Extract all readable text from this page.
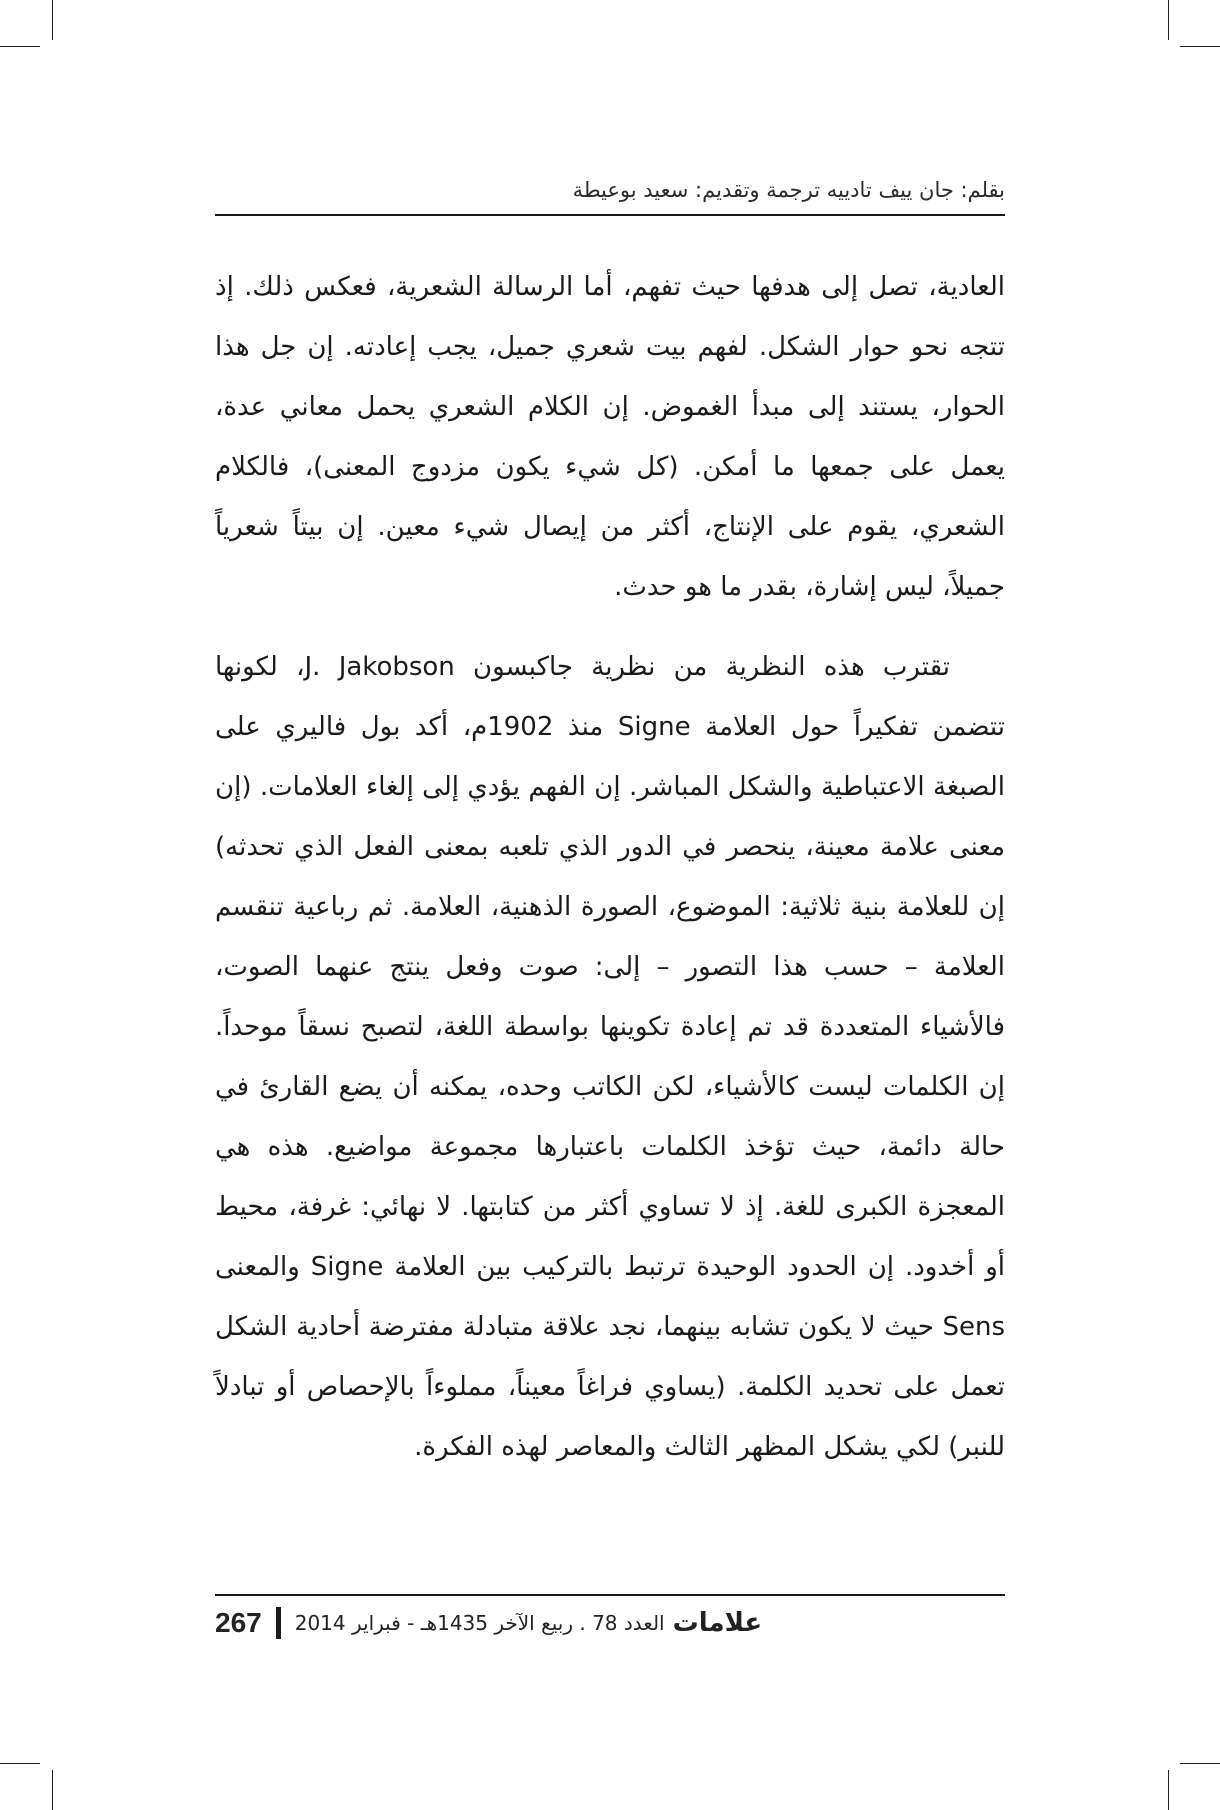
بقلم: جان ييف تادييه ترجمة وتقديم: سعيد بوعيطة

العادية، تصل إلى هدفها حيث تفهم، أما الرسالة الشعرية، فعكس ذلك. إذ تتجه نحو حوار الشكل. لفهم بيت شعري جميل، يجب إعادته. إن جل هذا الحوار، يستند إلى مبدأ الغموض. إن الكلام الشعري يحمل معاني عدة، يعمل على جمعها ما أمكن. (كل شيء يكون مزدوج المعنى)، فالكلام الشعري، يقوم على الإنتاج، أكثر من إيصال شيء معين. إن بيتاً شعرياً جميلاً، ليس إشارة، بقدر ما هو حدث.

تقترب هذه النظرية من نظرية جاكبسون J. Jakobson، لكونها تتضمن تفكيراً حول العلامة Signe منذ 1902م، أكد بول فاليري على الصبغة الاعتباطية والشكل المباشر. إن الفهم يؤدي إلى إلغاء العلامات. (إن معنى علامة معينة، ينحصر في الدور الذي تلعبه بمعنى الفعل الذي تحدثه) إن للعلامة بنية ثلاثية: الموضوع، الصورة الذهنية، العلامة. ثم رباعية تنقسم العلامة – حسب هذا التصور – إلى: صوت وفعل ينتج عنهما الصوت، فالأشياء المتعددة قد تم إعادة تكوينها بواسطة اللغة، لتصبح نسقاً موحداً. إن الكلمات ليست كالأشياء، لكن الكاتب وحده، يمكنه أن يضع القارئ في حالة دائمة، حيث تؤخذ الكلمات باعتبارها مجموعة مواضيع. هذه هي المعجزة الكبرى للغة. إذ لا تساوي أكثر من كتابتها. لا نهائي: غرفة، محيط أو أخدود. إن الحدود الوحيدة ترتبط بالتركيب بين العلامة Signe والمعنى Sens حيث لا يكون تشابه بينهما، نجد علاقة متبادلة مفترضة أحادية الشكل تعمل على تحديد الكلمة. (يساوي فراغاً معيناً، مملوءاً بالإحصاص أو تبادلاً للنبر) لكي يشكل المظهر الثالث والمعاصر لهذه الفكرة.

علامات
العدد 78 . ربيع الآخر 1435هـ - فبراير 2014
267
